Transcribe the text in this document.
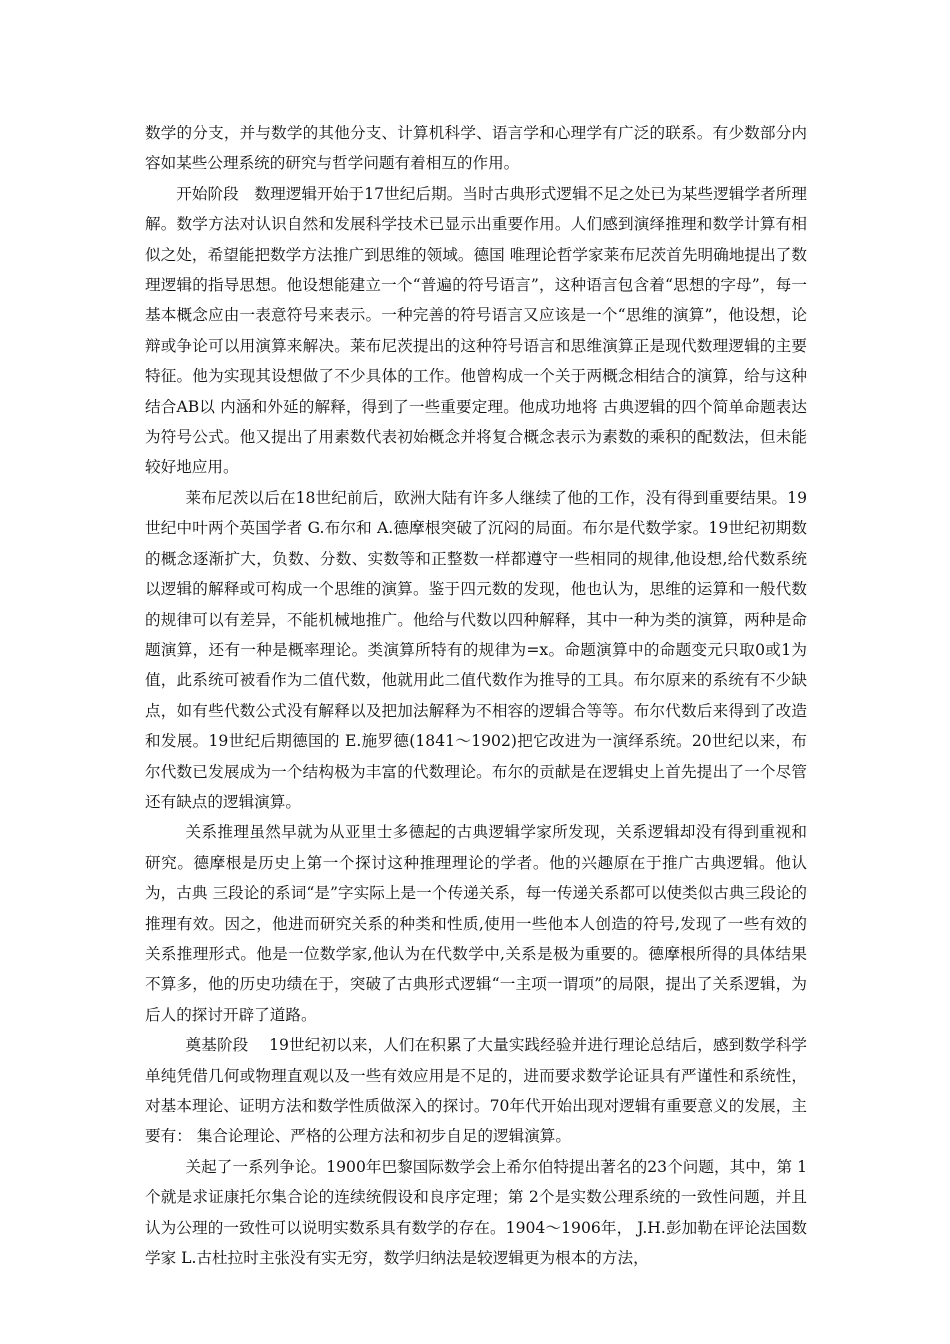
数学的分支，并与数学的其他分支、计算机科学、语言学和心理学有广泛的联系。有少数部分内容如某些公理系统的研究与哲学问题有着相互的作用。

开始阶段　数理逻辑开始于17世纪后期。当时古典形式逻辑不足之处已为某些逻辑学者所理解。数学方法对认识自然和发展科学技术已显示出重要作用。人们感到演绎推理和数学计算有相似之处，希望能把数学方法推广到思维的领域。德国 唯理论哲学家莱布尼茨首先明确地提出了数理逻辑的指导思想。他设想能建立一个“普遍的符号语言”，这种语言包含着“思想的字母”，每一基本概念应由一表意符号来表示。一种完善的符号语言又应该是一个“思维的演算”，他设想，论辩或争论可以用演算来解决。莱布尼茨提出的这种符号语言和思维演算正是现代数理逻辑的主要特征。他为实现其设想做了不少具体的工作。他曾构成一个关于两概念相结合的演算，给与这种结合AB以 内涵和外延的解释，得到了一些重要定理。他成功地将 古典逻辑的四个简单命题表达为符号公式。他又提出了用素数代表初始概念并将复合概念表示为素数的乘积的配数法，但未能较好地应用。

莱布尼茨以后在18世纪前后，欧洲大陆有许多人继续了他的工作，没有得到重要结果。19世纪中叶两个英国学者 G.布尔和 A.德摩根突破了沉闷的局面。布尔是代数学家。19世纪初期数的概念逐渐扩大，负数、分数、实数等和正整数一样都遵守一些相同的规律,他设想,给代数系统以逻辑的解释或可构成一个思维的演算。鉴于四元数的发现，他也认为，思维的运算和一般代数的规律可以有差异，不能机械地推广。他给与代数以四种解释，其中一种为类的演算，两种是命题演算，还有一种是概率理论。类演算所特有的规律为=x。命题演算中的命题变元只取0或1为值，此系统可被看作为二值代数，他就用此二值代数作为推导的工具。布尔原来的系统有不少缺点，如有些代数公式没有解释以及把加法解释为不相容的逻辑合等等。布尔代数后来得到了改造和发展。19世纪后期德国的 E.施罗德(1841～1902)把它改进为一演绎系统。20世纪以来，布尔代数已发展成为一个结构极为丰富的代数理论。布尔的贡献是在逻辑史上首先提出了一个尽管还有缺点的逻辑演算。

关系推理虽然早就为从亚里士多德起的古典逻辑学家所发现，关系逻辑却没有得到重视和研究。德摩根是历史上第一个探讨这种推理理论的学者。他的兴趣原在于推广古典逻辑。他认为，古典 三段论的系词“是”字实际上是一个传递关系，每一传递关系都可以使类似古典三段论的推理有效。因之，他进而研究关系的种类和性质,使用一些他本人创造的符号,发现了一些有效的关系推理形式。他是一位数学家,他认为在代数学中,关系是极为重要的。德摩根所得的具体结果不算多，他的历史功绩在于，突破了古典形式逻辑“一主项一谓项”的局限，提出了关系逻辑，为后人的探讨开辟了道路。

奠基阶段　 19世纪初以来，人们在积累了大量实践经验并进行理论总结后，感到数学科学单纯凭借几何或物理直观以及一些有效应用是不足的，进而要求数学论证具有严谨性和系统性，对基本理论、证明方法和数学性质做深入的探讨。70年代开始出现对逻辑有重要意义的发展，主要有： 集合论理论、严格的公理方法和初步自足的逻辑演算。

关起了一系列争论。1900年巴黎国际数学会上希尔伯特提出著名的23个问题，其中，第 1个就是求证康托尔集合论的连续统假设和良序定理；第 2个是实数公理系统的一致性问题，并且认为公理的一致性可以说明实数系具有数学的存在。1904～1906年， J.H.彭加勒在评论法国数学家 L.古杜拉时主张没有实无穷，数学归纳法是较逻辑更为根本的方法，
